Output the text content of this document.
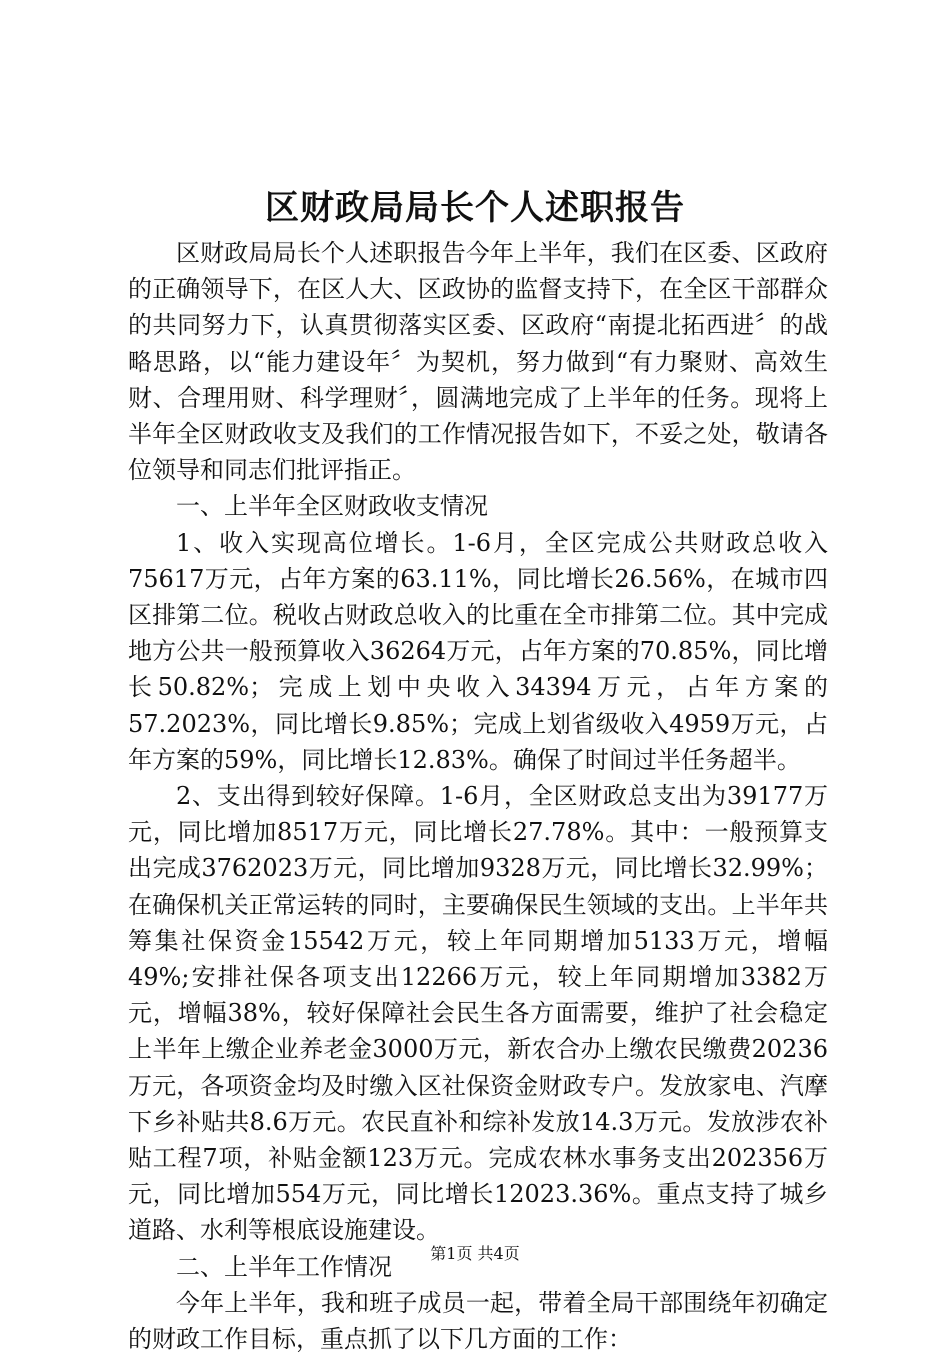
区财政局局长个人述职报告

区财政局局长个人述职报告今年上半年，我们在区委、区政府的正确领导下，在区人大、区政协的监督支持下，在全区干部群众的共同努力下，认真贯彻落实区委、区政府“南提北拓西进〞的战略思路，以“能力建设年〞为契机，努力做到“有力聚财、高效生财、合理用财、科学理财〞，圆满地完成了上半年的任务。现将上半年全区财政收支及我们的工作情况报告如下，不妥之处，敬请各位领导和同志们批评指正。

一、上半年全区财政收支情况

1、收入实现高位增长。1-6月，全区完成公共财政总收入75617万元，占年方案的63.11%，同比增长26.56%，在城市四区排第二位。税收占财政总收入的比重在全市排第二位。其中完成地方公共一般预算收入36264万元，占年方案的70.85%，同比增长50.82%；完成上划中央收入34394万元，占年方案的57.2023%，同比增长9.85%；完成上划省级收入4959万元，占年方案的59%，同比增长12.83%。确保了时间过半任务超半。

2、支出得到较好保障。1-6月，全区财政总支出为39177万元，同比增加8517万元，同比增长27.78%。其中：一般预算支出完成3762023万元，同比增加9328万元，同比增长32.99%；在确保机关正常运转的同时，主要确保民生领域的支出。上半年共筹集社保资金15542万元，较上年同期增加5133万元，增幅49%;安排社保各项支出12266万元，较上年同期增加3382万元，增幅38%，较好保障社会民生各方面需要，维护了社会稳定上半年上缴企业养老金3000万元，新农合办上缴农民缴费20236万元，各项资金均及时缴入区社保资金财政专户。发放家电、汽摩下乡补贴共8.6万元。农民直补和综补发放14.3万元。发放涉农补贴工程7项，补贴金额123万元。完成农林水事务支出202356万元，同比增加554万元，同比增长12023.36%。重点支持了城乡道路、水利等根底设施建设。

二、上半年工作情况

今年上半年，我和班子成员一起，带着全局干部围绕年初确定的财政工作目标，重点抓了以下几方面的工作：

第1页 共4页
